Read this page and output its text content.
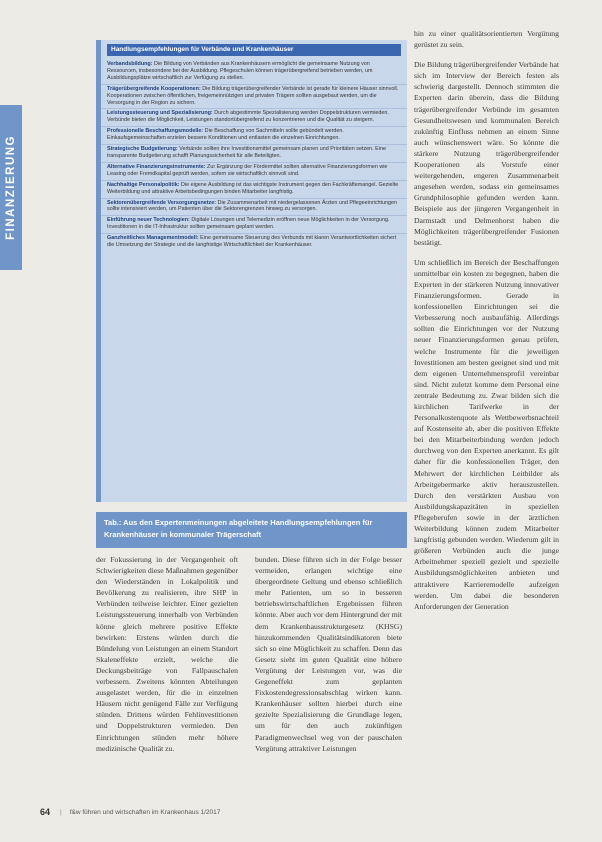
FINANZIERUNG
Handlungsempfehlungen für Verbände und Krankenhäuser
Verbandsbildung: Die Bildung von Verbänden aus Krankenhäusern ermöglicht die gemeinsame Nutzung von Ressourcen, insbesondere bei der Ausbildung. Pflegeschulen können trägerübergreifend betrieben werden, um Ausbildungsplätze wirtschaftlich zur Verfügung zu stellen.
Trägerübergreifende Kooperationen: Die Bildung trägerübergreifender Verbände ist gerade für kleinere Häuser sinnvoll. Kooperationen zwischen öffentlichen, freigemeinnützigen und privaten Trägern sollten ausgebaut werden, um die Versorgung in der Region zu sichern.
Leistungssteuerung und Spezialisierung: Durch abgestimmte Spezialisierung werden Doppelstrukturen vermieden. Verbünde bieten die Möglichkeit, Leistungen standortübergreifend zu konzentrieren und die Qualität zu steigern.
Professionelle Beschaffungsmodelle: Die Beschaffung von Sachmitteln sollte gebündelt werden. Einkaufsgemeinschaften erzielen bessere Konditionen und entlasten die einzelnen Einrichtungen.
Strategische Budgetierung: Verbände sollten ihre Investitionsmittel gemeinsam planen und Prioritäten setzen. Eine transparente Budgetierung schafft Planungssicherheit für alle Beteiligten.
Alternative Finanzierungsinstrumente: Zur Ergänzung der Fördermittel sollten alternative Finanzierungsformen wie Leasing oder Fremdkapital geprüft werden, sofern sie wirtschaftlich sinnvoll sind.
Nachhaltige Personalpolitik: Die eigene Ausbildung ist das wichtigste Instrument gegen den Fachkräftemangel. Gezielte Weiterbildung und attraktive Arbeitsbedingungen binden Mitarbeiter langfristig.
Sektorenübergreifende Versorgungsnetze: Die Zusammenarbeit mit niedergelassenen Ärzten und Pflegeeinrichtungen sollte intensiviert werden, um Patienten über die Sektorengrenzen hinweg zu versorgen.
Einführung neuer Technologien: Digitale Lösungen und Telemedizin eröffnen neue Möglichkeiten in der Versorgung. Investitionen in die IT-Infrastruktur sollten gemeinsam geplant werden.
Ganzheitliches Managementmodell: Eine gemeinsame Steuerung des Verbunds mit klaren Verantwortlichkeiten sichert die Umsetzung der Strategie und die langfristige Wirtschaftlichkeit der Krankenhäuser.
Tab.: Aus den Expertenmeinungen abgeleitete Handlungsempfehlungen für Krankenhäuser in kommunaler Trägerschaft

der Fokussierung in der Vergangenheit oft Schwierigkeiten diese Maßnahmen gegenüber den Wiederständen in Lokalpolitik und Bevölkerung zu realisieren, ihre SHP in Verbünden teilweise leichter. Einer gezielten Leistungssteuerung innerhalb von Verbünden könne gleich mehrere positive Effekte bewirken: Erstens würden durch die Bündelung von Leistungen an einem Standort Skaleneffekte erzielt, welche die Deckungsbeiträge von Fallpauschalen verbessern. Zweitens könnten Abteilungen ausgelastet werden, für die in einzelnen Häusern nicht genügend Fälle zur Verfügung stünden. Drittens würden Fehlinvestitionen und Doppelstrukturen vermieden. Den Einrichtungen stünden mehr höhere medizinische Qualität zu.

bunden. Diese führen sich in der Folge besser vermeiden, erlangen wichtige eine übergeordnete Geltung und ebenso schließlich mehr Patienten, um so in besseren betriebswirtschaftlichen Ergebnissen führen könnte. Aber auch vor dem Hintergrund der mit dem Krankenhausstrukturgesetz (KHSG) hinzukommenden Qualitätsindikatoren biete sich so eine Möglichkeit zu schaffen. Denn das Gesetz sieht im guten Qualität eine höhere Vergütung der Leistungen vor, was die Gegeneffekt zum geplanten Fixkostendegressionsabschlag wirken kann. Krankenhäuser sollten hierbei durch eine gezielte Spezialisierung die Grundlage legen, um für den auch zukünftigen Paradigmenwechsel weg von der pauschalen Vergütung attraktiver Leistungen

hin zu einer qualitätsorientierten Vergütung gerüstet zu sein.

Die Bildung trägerübergreifender Verbände hat sich im Interview der Bereich festen als schwierig dargestellt. Dennoch stimmten die Experten darin überein, dass die Bildung trägerübergreifender Verbünde im gesamten Gesundheitswesen und kommunalen Bereich zukünftig Einfluss nehmen an einem Sinne auch wünschenswert wäre. So könnte die stärkere Nutzung trägerübergreifender Kooperationen als Vorstufe einer weitergehenden, engeren Zusammenarbeit angesehen werden, sodass ein gemeinsames Grundphilosophie gefunden werden kann. Beispiele aus der jüngeren Vergangenheit in Darmstadt und Delmenhorst haben die Möglichkeiten trägerübergreifender Fusionen bestätigt.

Um schließlich im Bereich der Beschaffungen unmittelbar ein kosten zu begegnen, haben die Experten in der stärkeren Nutzung innovativer Finanzierungsformen. Gerade in konfessionellen Einrichtungen sei die Verbesserung noch ausbaufähig. Allerdings sollten die Einrichtungen vor der Nutzung neuer Finanzierungsformen genau prüfen, welche Instrumente für die jeweiligen Investitionen am besten geeignet sind und mit dem eigenen Unternehmensprofil vereinbar sind. Nicht zuletzt komme dem Personal eine zentrale Bedeutung zu. Zwar bilden sich die kirchlichen Tarifwerke in der Personalkostenquote als Wettbewerbsnachteil auf Kostenseite ab, aber die positiven Effekte bei den Mitarbeiterbindung werden jedoch durchweg von den Experten anerkannt. Es gilt daher für die konfessionellen Träger, den Mehrwert der kirchlichen Leitbilder als Arbeitgebermarke aktiv herauszustellen. Durch den verstärkten Ausbau von Ausbildungskapazitäten in speziellen Pflegeberufen sowie in der ärztlichen Weiterbildung können zudem Mitarbeiter langfristig gebunden werden. Wiederum gilt in größeren Verbünden auch die junge Arbeitnehmer speziell gezielt und spezielle Ausbildungsmöglichkeiten anbieten und attraktivere Karrieremodelle aufzeigen werden. Um dabei die besonderen Anforderungen der Generation

64 | f&w führen und wirtschaften im Krankenhaus 1/2017
